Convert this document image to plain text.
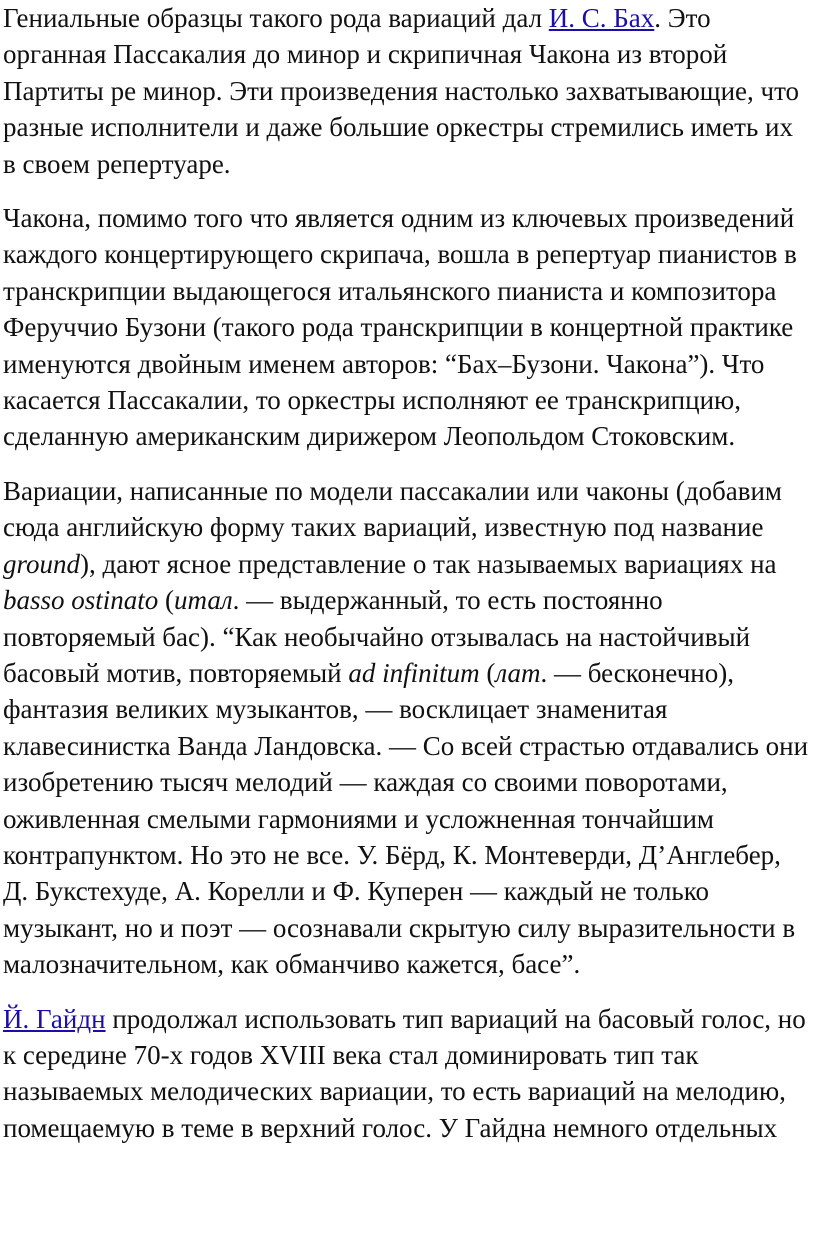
Гениальные образцы такого рода вариаций дал И. С. Бах. Это органная Пассакалия до минор и скрипичная Чакона из второй Партиты ре минор. Эти произведения настолько захватывающие, что разные исполнители и даже большие оркестры стремились иметь их в своем репертуаре.

Чакона, помимо того что является одним из ключевых произведений каждого концертирующего скрипача, вошла в репертуар пианистов в транскрипции выдающегося итальянского пианиста и композитора Феруччио Бузони (такого рода транскрипции в концертной практике именуются двойным именем авторов: “Бах–Бузони. Чакона”). Что касается Пассакалии, то оркестры исполняют ее транскрипцию, сделанную американским дирижером Леопольдом Стоковским.

Вариации, написанные по модели пассакалии или чаконы (добавим сюда английскую форму таких вариаций, известную под название ground), дают ясное представление о так называемых вариациях на basso ostinato (итал. — выдержанный, то есть постоянно повторяемый бас). “Как необычайно отзывалась на настойчивый басовый мотив, повторяемый ad infinitum (лат. — бесконечно), фантазия великих музыкантов, — восклицает знаменитая клавесинистка Ванда Ландовска. — Со всей страстью отдавались они изобретению тысяч мелодий — каждая со своими поворотами, оживленная смелыми гармониями и усложненная тончайшим контрапунктом. Но это не все. У. Бёрд, К. Монтеверди, Д’Англебер, Д. Букстехуде, А. Корелли и Ф. Куперен — каждый не только музыкант, но и поэт — осознавали скрытую силу выразительности в малозначительном, как обманчиво кажется, басе”.

Й. Гайдн продолжал использовать тип вариаций на басовый голос, но к середине 70-х годов XVIII века стал доминировать тип так называемых мелодических вариации, то есть вариаций на мелодию, помещаемую в теме в верхний голос. У Гайдна немного отдельных
